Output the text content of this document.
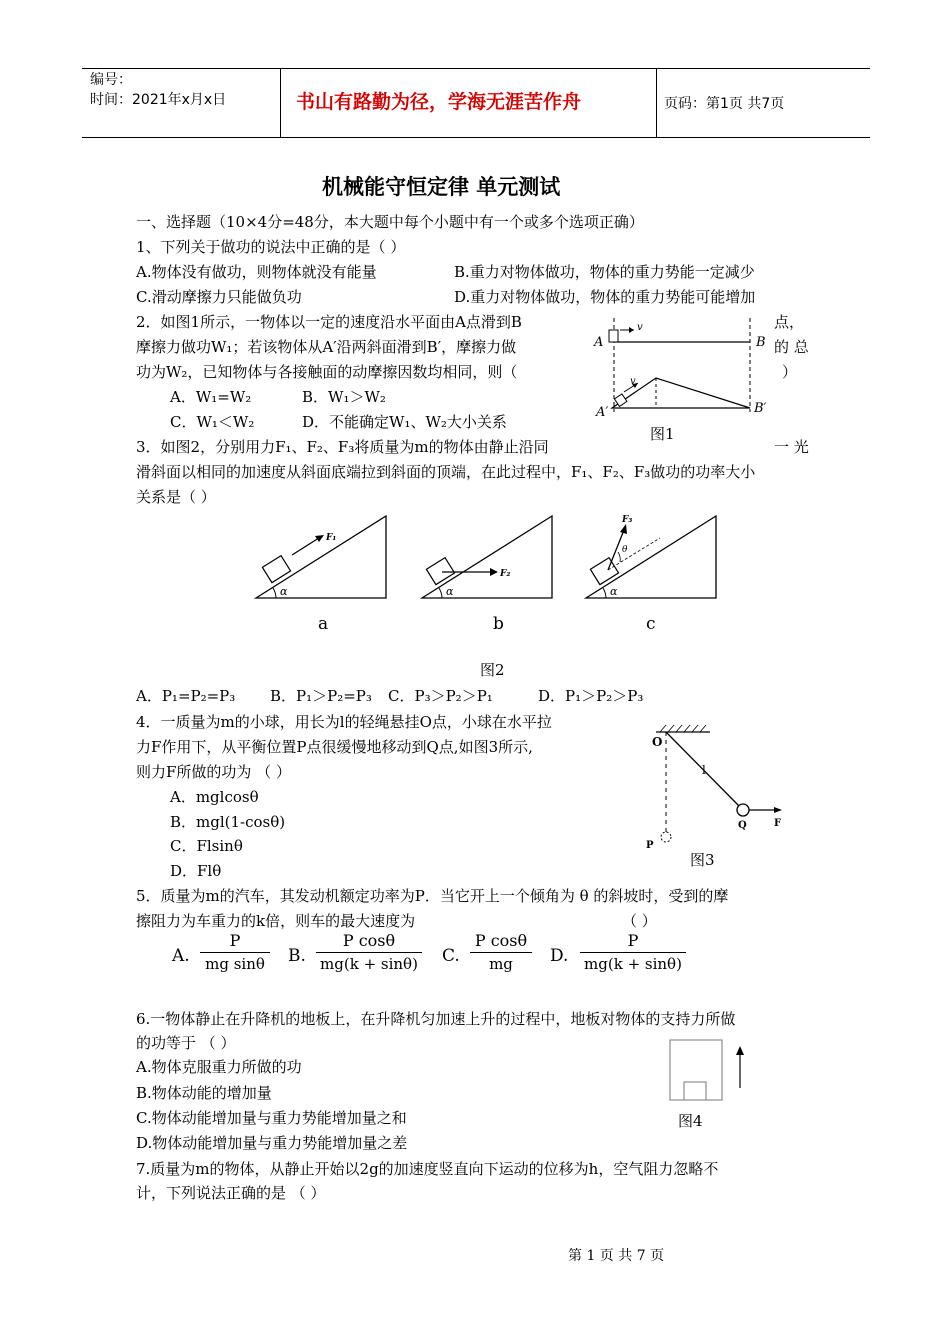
编号：
时间：2021年x月x日	书山有路勤为径，学海无涯苦作舟	页码：第1页 共7页
机械能守恒定律 单元测试
一、选择题（10×4分=48分，本大题中每个小题中有一个或多个选项正确）
1、下列关于做功的说法中正确的是（ ）
A.物体没有做功，则物体就没有能量	B.重力对物体做功，物体的重力势能一定减少
C.滑动摩擦力只能做负功	D.重力对物体做功，物体的重力势能可能增加
2．如图1所示，一物体以一定的速度沿水平面由A点滑到B	点，
摩擦力做功W₁；若该物体从A′沿两斜面滑到B′，摩擦力做	的 总
功为W₂，已知物体与各接触面的动摩擦因数均相同，则（	）
A．W₁=W₂	B．W₁＞W₂
C．W₁＜W₂	D．不能确定W₁、W₂大小关系
A	B
A′	B′
v
v
图1
3．如图2，分别用力F₁、F₂、F₃将质量为m的物体由静止沿同	一 光
滑斜面以相同的加速度从斜面底端拉到斜面的顶端，在此过程中，F₁、F₂、F₃做功的功率大小
关系是（ ）
α
F₁
α
F₂
α
θ
F₃
a	b	c
图2
A．P₁=P₂=P₃ B．P₁＞P₂=P₃ C．P₃＞P₂＞P₁	D．P₁＞P₂＞P₃
4．一质量为m的小球，用长为l的轻绳悬挂O点，小球在水平拉
力F作用下，从平衡位置P点很缓慢地移动到Q点,如图3所示,
则力F所做的功为 （ ）
A．mglcosθ
B．mgl(1-cosθ)
C．Flsinθ
D．Flθ
O
l
Q	F
P
图3
5．质量为m的汽车，其发动机额定功率为P．当它开上一个倾角为 θ 的斜坡时，受到的摩
擦阻力为车重力的k倍，则车的最大速度为	（ ）
A. $\frac{P}{\text{mg sinθ}} B$. $\frac{\text{P cosθ}}{mg(k + \sin\theta)} C$. $\frac{\text{P cosθ}}{mg} D$. $\frac{P}{mg(k + \sin\theta)}$
6.一物体静止在升降机的地板上，在升降机匀加速上升的过程中，地板对物体的支持力所做
的功等于 （ ）
A.物体克服重力所做的功
B.物体动能的增加量
C.物体动能增加量与重力势能增加量之和
D.物体动能增加量与重力势能增加量之差
图4
7.质量为m的物体，从静止开始以2g的加速度竖直向下运动的位移为h，空气阻力忽略不
计，下列说法正确的是 （ ）
第 1 页 共 7 页
